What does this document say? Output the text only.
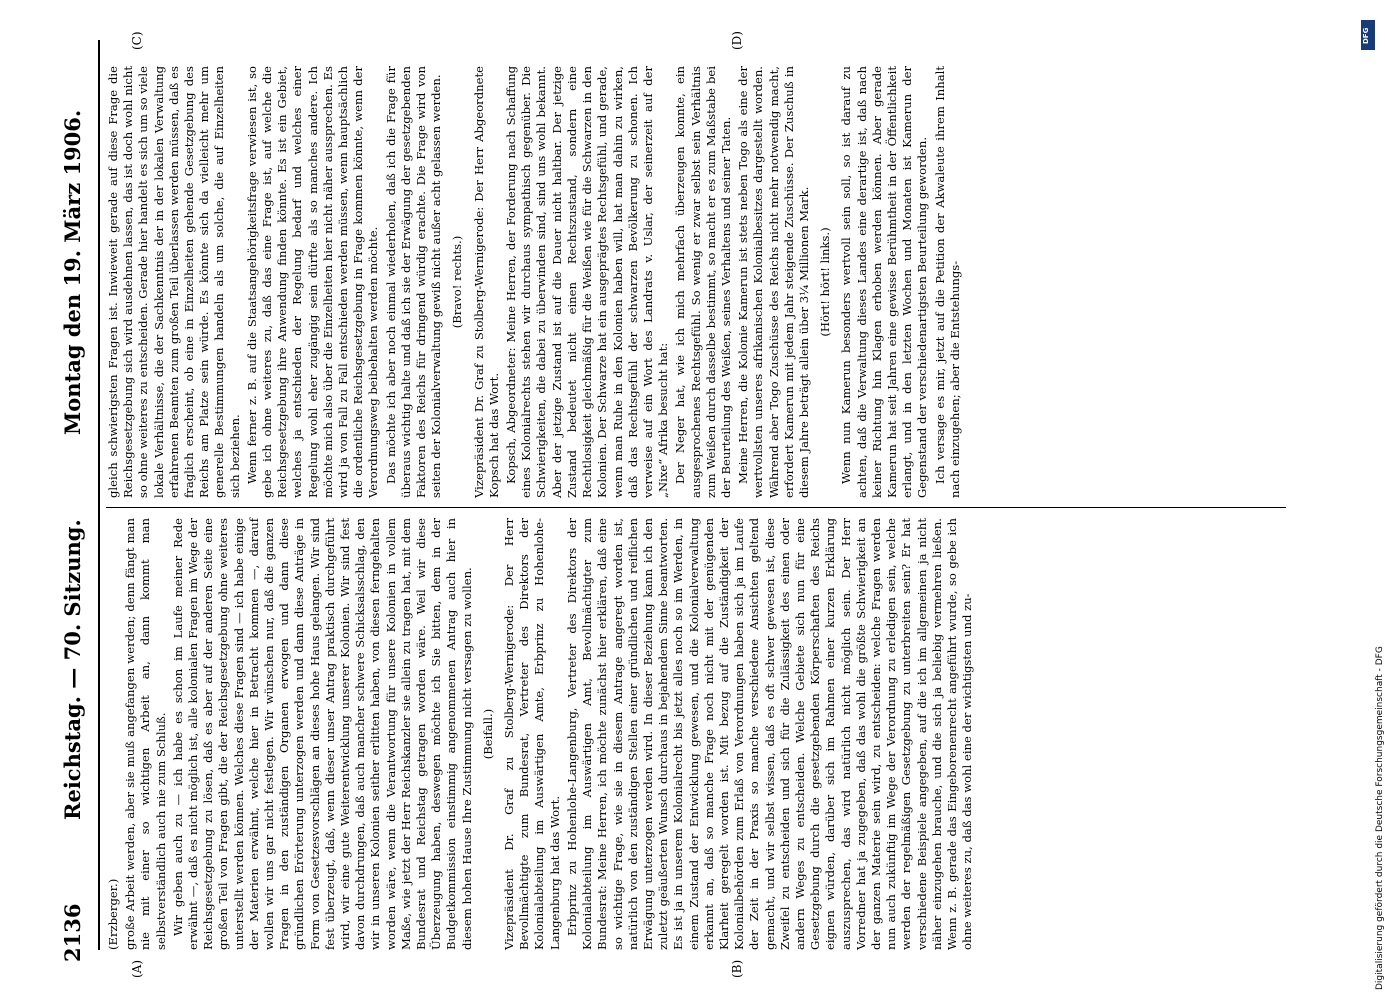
2136
Reichstag. — 70. Sitzung.
Montag den 19. März 1906.
(A)	(B)
(C)	(D)

(Erzberger.) große Arbeit werden, aber sie muß angefangen werden; denn fängt man nie mit einer so wichtigen Arbeit an, dann kommt man selbstverständlich auch nie zum Schluß. Wir geben auch zu — ich habe es schon im Laufe meiner Rede erwähnt —, daß es nicht möglich ist, alle kolonialen Fragen im Wege der Reichsgesetzgebung zu lösen, daß es aber auf der anderen Seite eine großen Teil von Fragen gibt, die der Reichsgesetzgebung ohne weiteres unterstellt werden können. Welches diese Fragen sind — ich habe einige der Materien erwähnt, welche hier in Betracht kommen —, darauf wollen wir uns gar nicht festlegen. Wir wünschen nur, daß die ganzen Fragen in den zuständigen Organen erwogen und dann diese gründlichen Erörterung unterzogen werden und dann diese Anträge in Form von Gesetzesvorschlägen an dieses hohe Haus gelangen. Wir sind fest überzeugt, daß, wenn dieser unser Antrag praktisch durchgeführt wird, wir eine gute Weiterentwicklung unserer Kolonien. Wir sind fest davon durchdrungen, daß auch mancher schwere Schicksalsschlag, den wir in unseren Kolonien seither erlitten haben, von diesen ferngehalten worden wäre, wenn die Verantwortung für unsere Kolonien in vollem Maße, wie jetzt der Herr Reichskanzler sie allein zu tragen hat, mit dem Bundesrat und Reichstag getragen worden wäre. Weil wir diese Überzeugung haben, deswegen möchte ich Sie bitten, dem in der Budgetkommission einstimmig angenommenen Antrag auch hier in diesem hohen Hause Ihre Zustimmung nicht versagen zu wollen. (Beifall.) Vizepräsident Dr. Graf zu Stolberg-Wernigerode: Der Herr Bevollmächtigte zum Bundesrat, Vertreter des Direktors der Kolonialabteilung im Auswärtigen Amte, Erbprinz zu Hohenlohe-Langenburg hat das Wort. Erbprinz zu Hohenlohe-Langenburg, Vertreter des Direktors der Kolonialabteilung im Auswärtigen Amt, Bevollmächtigter zum Bundesrat: Meine Herren, ich möchte zunächst hier erklären, daß eine so wichtige Frage, wie sie in diesem Antrage angeregt worden ist, natürlich von den zuständigen Stellen einer gründlichen und reiflichen Erwägung unterzogen werden wird. In dieser Beziehung kann ich den zuletzt geäußerten Wunsch durchaus in bejahendem Sinne beantworten. Es ist ja in unserem Kolonialrecht bis jetzt alles noch so im Werden, in einem Zustand der Entwicklung gewesen, und die Kolonialverwaltung erkannt an, daß so manche Frage noch nicht mit der genügenden Klarheit geregelt worden ist. Mit bezug auf die Zuständigkeit der Kolonialbehörden zum Erlaß von Verordnungen haben sich ja im Laufe der Zeit in der Praxis so manche verschiedene Ansichten geltend gemacht, und wir selbst wissen, daß es oft schwer gewesen ist, diese Zweifel zu entscheiden und sich für die Zulässigkeit des einen oder andern Weges zu entscheiden. Welche Gebiete sich nun für eine Gesetzgebung durch die gesetzgebenden Körperschaften des Reichs eignen würden, darüber sich im Rahmen einer kurzen Erklärung auszusprechen, das wird natürlich nicht möglich sein. Der Herr Vorredner hat ja zugegeben, daß das wohl die größte Schwierigkeit an der ganzen Materie sein wird, zu entscheiden: welche Fragen werden nun auch zukünftig im Wege der Verordnung zu erledigen sein, welche werden der regelmäßigen Gesetzgebung zu unterbreiten sein? Er hat verschiedene Beispiele angegeben, auf die ich im allgemeinen ja nicht näher einzugehen brauche, und die sich ja beliebig vermehren ließen. Wenn z. B. gerade das Eingeborenenrecht angeführt wurde, so gebe ich ohne weiteres zu, daß das wohl eine der wichtigsten und zu-

gleich schwierigsten Fragen ist. Inwieweit gerade auf diese Frage die Reichsgesetzgebung sich wird ausdehnen lassen, das ist doch wohl nicht so ohne weiteres zu entscheiden. Gerade hier handelt es sich um so viele lokale Verhältnisse, die der Sachkenntnis der in der lokalen Verwaltung erfahrenen Beamten zum großen Teil überlassen werden müssen, daß es fraglich erscheint, ob eine in Einzelheiten gehende Gesetzgebung des Reichs am Platze sein würde. Es könnte sich da vielleicht mehr um generelle Bestimmungen handeln als um solche, die auf Einzelheiten sich beziehen. Wenn ferner z. B. auf die Staatsangehörigkeitsfrage verwiesen ist, so gebe ich ohne weiteres zu, daß das eine Frage ist, auf welche die Reichsgesetzgebung ihre Anwendung finden könnte. Es ist ein Gebiet, welches ja entschieden der Regelung bedarf und welches einer Regelung wohl eher zugängig sein dürfte als so manches andere. Ich möchte mich also über die Einzelheiten hier nicht näher aussprechen. Es wird ja von Fall zu Fall entschieden werden müssen, wenn hauptsächlich die ordentliche Reichsgesetzgebung in Frage kommen könnte, wenn der Verordnungsweg beibehalten werden möchte. Das möchte ich aber noch einmal wiederholen, daß ich die Frage für überaus wichtig halte und daß ich sie der Erwägung der gesetzgebenden Faktoren des Reichs für dringend würdig erachte. Die Frage wird von seiten der Kolonialverwaltung gewiß nicht außer acht gelassen werden. (Bravo! rechts.) Vizepräsident Dr. Graf zu Stolberg-Wernigerode: Der Herr Abgeordnete Kopsch hat das Wort. Kopsch, Abgeordneter: Meine Herren, der Forderung nach Schaffung eines Kolonialrechts stehen wir durchaus sympathisch gegenüber. Die Schwierigkeiten, die dabei zu überwinden sind, sind uns wohl bekannt. Aber der jetzige Zustand ist auf die Dauer nicht haltbar. Der jetzige Zustand bedeutet nicht einen Rechtszustand, sondern eine Rechtlosigkeit gleichmäßig für die Weißen wie für die Schwarzen in den Kolonien. Der Schwarze hat ein ausgeprägtes Rechtsgefühl, und gerade, wenn man Ruhe in den Kolonien haben will, hat man dahin zu wirken, daß das Rechtsgefühl der schwarzen Bevölkerung zu schonen. Ich verweise auf ein Wort des Landrats v. Uslar, der seinerzeit auf der „Nixe“ Afrika besucht hat: Der Neger hat, wie ich mich mehrfach überzeugen konnte, ein ausgesprochenes Rechtsgefühl. So wenig er zwar selbst sein Verhältnis zum Weißen durch dasselbe bestimmt, so macht er es zum Maßstabe bei der Beurteilung des Weißen, seines Verhaltens und seiner Taten. Meine Herren, die Kolonie Kamerun ist stets neben Togo als eine der wertvollsten unseres afrikanischen Kolonialbesitzes dargestellt worden. Während aber Togo Zuschüsse des Reichs nicht mehr notwendig macht, erfordert Kamerun mit jedem Jahr steigende Zuschüsse. Der Zuschuß in diesem Jahre beträgt allein über 3¼ Millionen Mark. (Hört! hört! links.) Wenn nun Kamerun besonders wertvoll sein soll, so ist darauf zu achten, daß die Verwaltung dieses Landes eine derartige ist, daß nach keiner Richtung hin Klagen erhoben werden können. Aber gerade Kamerun hat seit Jahren eine gewisse Berühmtheit in der Öffentlichkeit erlangt, und in den letzten Wochen und Monaten ist Kamerun der Gegenstand der verschiedenartigsten Beurteilung geworden. Ich versage es mir, jetzt auf die Petition der Akwaleute ihrem Inhalt nach einzugehen; aber die Entstehungs-

DFG
Digitalisierung gefördert durch die Deutsche Forschungsgemeinschaft - DFG
